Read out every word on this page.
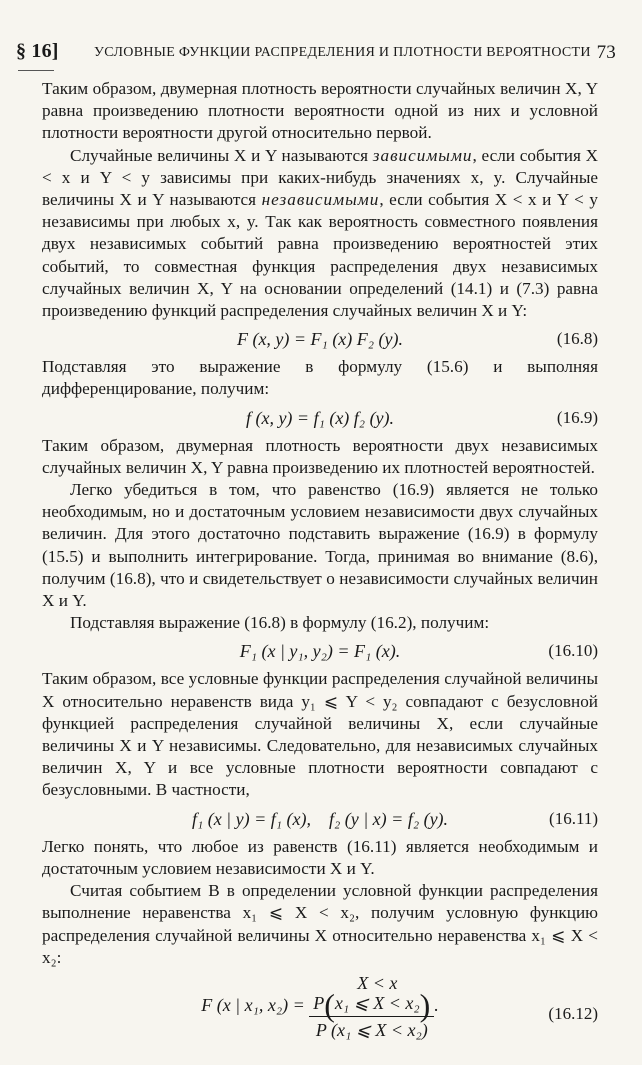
§ 16]	УСЛОВНЫЕ ФУНКЦИИ РАСПРЕДЕЛЕНИЯ И ПЛОТНОСТИ ВЕРОЯТНОСТИ 73

Таким образом, двумерная плотность вероятности случайных величин X, Y равна произведению плотности вероятности одной из них и условной плотности вероятности другой относительно первой.

Случайные величины X и Y называются зависимыми, если события X < x и Y < y зависимы при каких-нибудь значениях x, y. Случайные величины X и Y называются независимыми, если события X < x и Y < y независимы при любых x, y. Так как вероятность совместного появления двух независимых событий равна произведению вероятностей этих событий, то совместная функция распределения двух независимых случайных величин X, Y на основании определений (14.1) и (7.3) равна произведению функций распределения случайных величин X и Y:

F (x, y) = F₁ (x) F₂ (y).	(16.8)

Подставляя это выражение в формулу (15.6) и выполняя дифференцирование, получим:

f (x, y) = f₁ (x) f₂ (y).	(16.9)

Таким образом, двумерная плотность вероятности двух независимых случайных величин X, Y равна произведению их плотностей вероятностей.

Легко убедиться в том, что равенство (16.9) является не только необходимым, но и достаточным условием независимости двух случайных величин. Для этого достаточно подставить выражение (16.9) в формулу (15.5) и выполнить интегрирование. Тогда, принимая во внимание (8.6), получим (16.8), что и свидетельствует о независимости случайных величин X и Y.

Подставляя выражение (16.8) в формулу (16.2), получим:

F₁ (x | y₁, y₂) = F₁ (x).	(16.10)

Таким образом, все условные функции распределения случайной величины X относительно неравенств вида y₁ ⩽ Y < y₂ совпадают с безусловной функцией распределения случайной величины X, если случайные величины X и Y независимы. Следовательно, для независимых случайных величин X, Y и все условные плотности вероятности совпадают с безусловными. В частности,

f₁ (x | y) = f₁ (x),    f₂ (y | x) = f₂ (y).	(16.11)

Легко понять, что любое из равенств (16.11) является необходимым и достаточным условием независимости X и Y.

Считая событием B в определении условной функции распределения выполнение неравенства x₁ ⩽ X < x₂, получим условную функцию распределения случайной величины X относительно неравенства x₁ ⩽ X < x₂:

F (x | x₁, x₂) = P(
X < x
x₁ ⩽ X < x₂ )
P (x₁ ⩽ X < x₂) .	(16.12)
